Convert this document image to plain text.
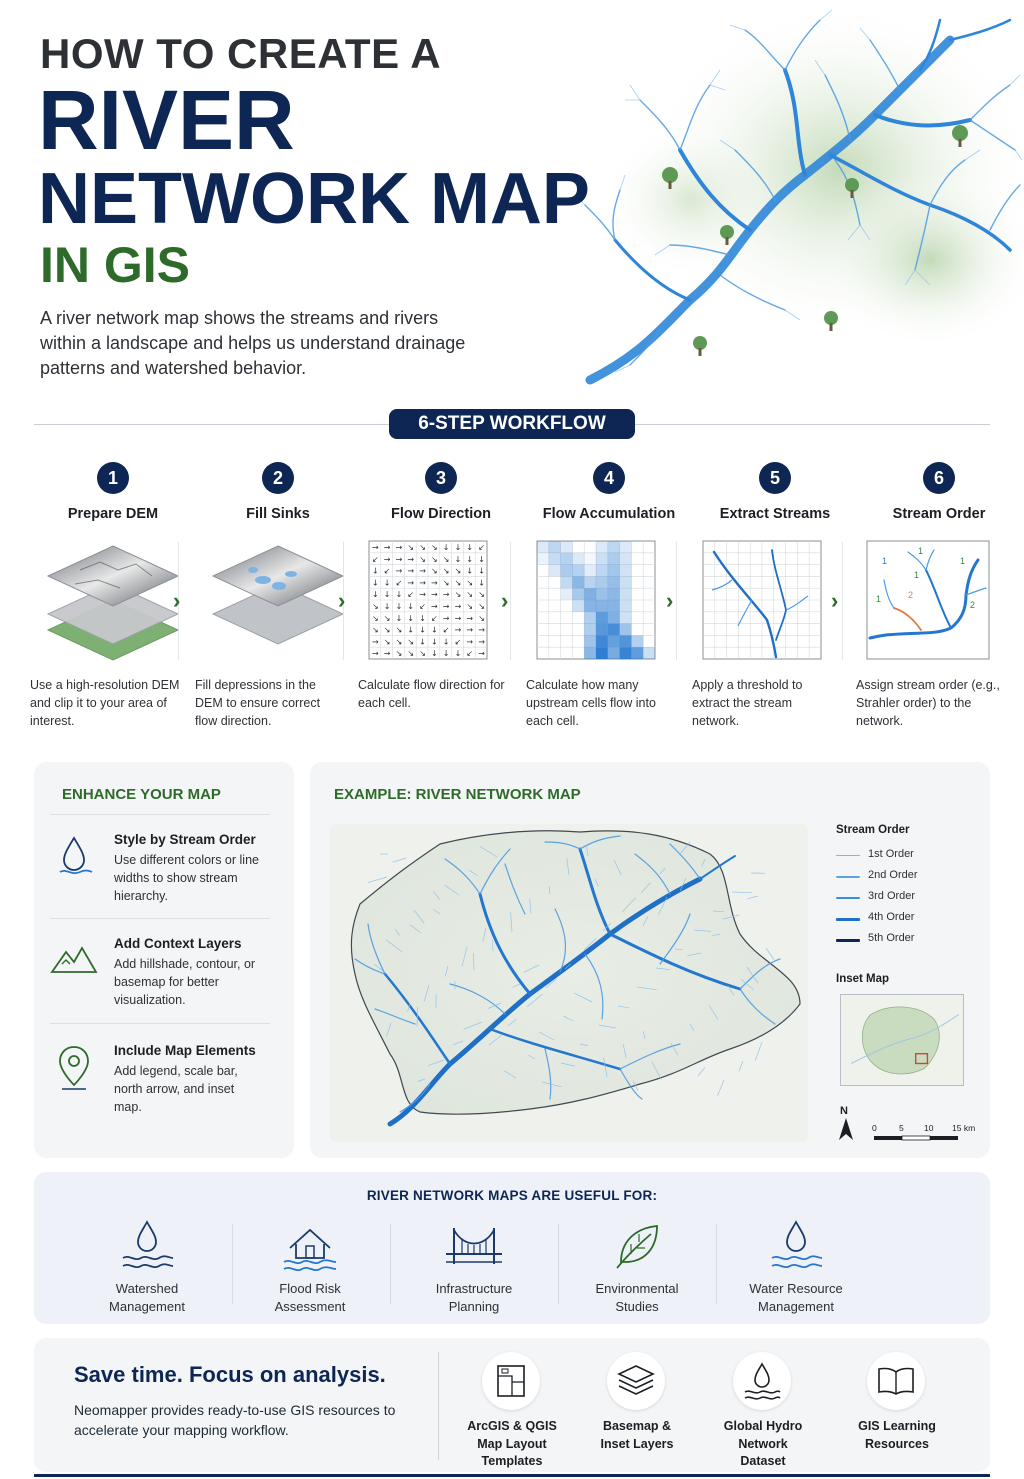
HOW TO CREATE A
RIVER
NETWORK MAP
IN GIS
A river network map shows the streams and rivers within a landscape and helps us understand drainage patterns and watershed behavior.
6-STEP WORKFLOW
1
Prepare DEM
Use a high-resolution DEM and clip it to your area of interest.
›
2
Fill Sinks
Fill depressions in the DEM to ensure correct flow direction.
›
3
Flow Direction
→ → → ↘ ↘ ↘ ↓ ↓ ↓ ↙
↙ → → → ↘ ↘ ↘ ↓ ↓ ↓
↓ ↙ → → → ↘ ↘ ↘ ↓ ↓
↓ ↓ ↙ → → → ↘ ↘ ↘ ↓
↓ ↓ ↓ ↙ → → → ↘ ↘ ↘
↘ ↓ ↓ ↓ ↙ → → → ↘ ↘
↘ ↘ ↓ ↓ ↓ ↙ → → → ↘
↘ ↘ ↘ ↓ ↓ ↓ ↙ → → →
→ ↘ ↘ ↘ ↓ ↓ ↓ ↙ → →
→ → ↘ ↘ ↘ ↓ ↓ ↓ ↙ →
Calculate flow direction for each cell.
›
4
Flow Accumulation
Calculate how many upstream cells flow into each cell.
›
5
Extract Streams
Apply a threshold to extract the stream network.
›
6
Stream Order
1
1
1
1
1	2
2
Assign stream order (e.g., Strahler order) to the network.
ENHANCE YOUR MAP
Style by Stream Order
Use different colors or line widths to show stream hierarchy.
Add Context Layers
Add hillshade, contour, or basemap for better visualization.
Include Map Elements
Add legend, scale bar, north arrow, and inset map.
EXAMPLE: RIVER NETWORK MAP
Stream Order
1st Order
2nd Order
3rd Order
4th Order
5th Order
Inset Map
N
0	5 10 15 km
RIVER NETWORK MAPS ARE USEFUL FOR:
Watershed
Management
Flood Risk
Assessment
Infrastructure
Planning
Environmental
Studies
Water Resource
Management
Save time. Focus on analysis.
Neomapper provides ready-to-use GIS resources to accelerate your mapping workflow.	ArcGIS & QGIS
Map Layout
Templates
Basemap &
Inset Layers
Global Hydro
Network
Dataset
GIS Learning
Resources
